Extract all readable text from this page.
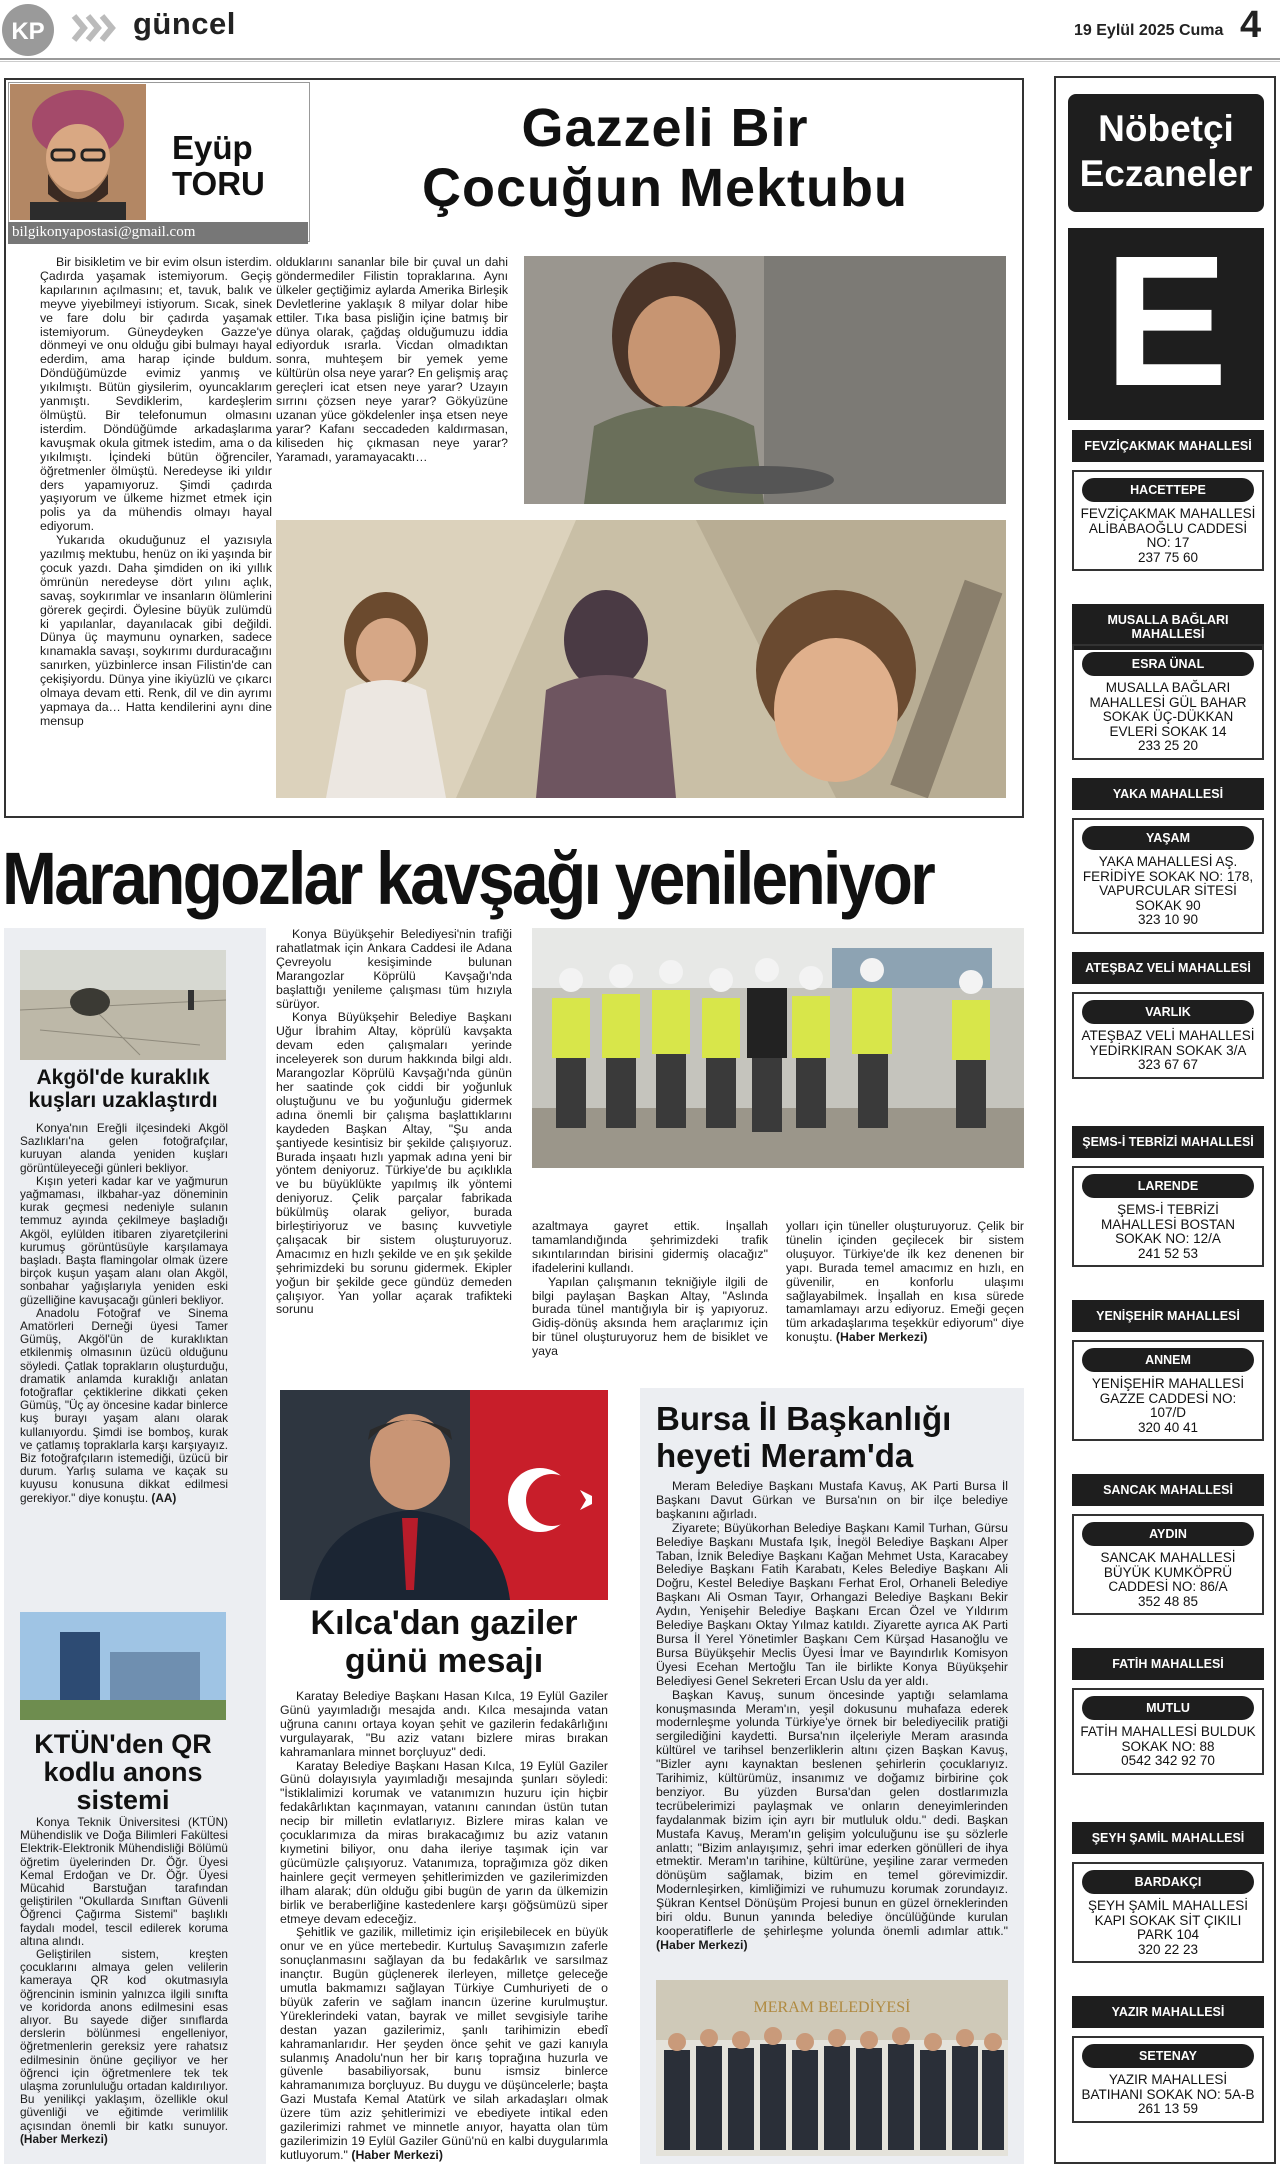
KP	güncel	19 Eylül 2025 Cuma 4
Eyüp
TORU
bilgikonyapostasi@gmail.com
Gazzeli Bir
Çocuğun Mektubu

Bir bisikletim ve bir evim olsun isterdim. Çadırda yaşamak istemiyorum. Geçiş kapılarının açılmasını; et, tavuk, balık ve meyve yiyebilmeyi istiyorum. Sıcak, sinek ve fare dolu bir çadırda yaşamak istemiyorum. Güneydeyken Gazze'ye dönmeyi ve onu olduğu gibi bulmayı hayal ederdim, ama harap içinde buldum. Döndüğümüzde evimiz yanmış ve yıkılmıştı. Bütün giysilerim, oyuncaklarım yanmıştı. Sevdiklerim, kardeşlerim ölmüştü. Bir telefonumun olmasını isterdim. Döndüğümde arkadaşlarıma kavuşmak okula gitmek istedim, ama o da yıkılmıştı. İçindeki bütün öğrenciler, öğretmenler ölmüştü. Neredeyse iki yıldır ders yapamıyoruz. Şimdi çadırda yaşıyorum ve ülkeme hizmet etmek için polis ya da mühendis olmayı hayal ediyorum.

Yukarıda okuduğunuz el yazısıyla yazılmış mektubu, henüz on iki yaşında bir çocuk yazdı. Daha şimdiden on iki yıllık ömrünün neredeyse dört yılını açlık, savaş, soykırımlar ve insanların ölümlerini görerek geçirdi. Öylesine büyük zulümdü ki yapılanlar, dayanılacak gibi değildi. Dünya üç maymunu oynarken, sadece kınamakla savaşı, soykırımı durduracağını sanırken, yüzbinlerce insan Filistin'de can çekişiyordu. Dünya yine ikiyüzlü ve çıkarcı olmaya devam etti. Renk, dil ve din ayrımı yapmaya da… Hatta kendilerini aynı dine mensup

olduklarını sananlar bile bir çuval un dahi göndermediler Filistin topraklarına. Aynı ülkeler geçtiğimiz aylarda Amerika Birleşik Devletlerine yaklaşık 8 milyar dolar hibe ettiler. Tıka basa pisliğin içine batmış bir dünya olarak, çağdaş olduğumuzu iddia ediyorduk ısrarla. Vicdan olmadıktan sonra, muhteşem bir yemek yeme kültürün olsa neye yarar? En gelişmiş araç gereçleri icat etsen neye yarar? Uzayın sırrını çözsen neye yarar? Gökyüzüne uzanan yüce gökdelenler inşa etsen neye yarar? Kafanı seccadeden kaldırmasan, kiliseden hiç çıkmasan neye yarar? Yaramadı, yaramayacaktı…

Marangozlar kavşağı yenileniyor
Akgöl'de kuraklık kuşları uzaklaştırdı

Konya'nın Ereğli ilçesindeki Akgöl Sazlıkları'na gelen fotoğrafçılar, kuruyan alanda yeniden kuşları görüntüleyeceği günleri bekliyor.

Kışın yeteri kadar kar ve yağmurun yağmaması, ilkbahar-yaz döneminin kurak geçmesi nedeniyle sulanın temmuz ayında çekilmeye başladığı Akgöl, eylülden itibaren ziyaretçilerini kurumuş görüntüsüyle karşılamaya başladı. Başta flamingolar olmak üzere birçok kuşun yaşam alanı olan Akgöl, sonbahar yağışlarıyla yeniden eski güzelliğine kavuşacağı günleri bekliyor.

Anadolu Fotoğraf ve Sinema Amatörleri Derneği üyesi Tamer Gümüş, Akgöl'ün de kuraklıktan etkilenmiş olmasının üzücü olduğunu söyledi. Çatlak toprakların oluşturduğu, dramatik anlamda kuraklığı anlatan fotoğraflar çektiklerine dikkati çeken Gümüş, "Üç ay öncesine kadar binlerce kuş burayı yaşam alanı olarak kullanıyordu. Şimdi ise bomboş, kurak ve çatlamış topraklarla karşı karşıyayız. Biz fotoğrafçıların istemediği, üzücü bir durum. Yarlış sulama ve kaçak su kuyusu konusuna dikkat edilmesi gerekiyor." diye konuştu. (AA)

KTÜN'den QR kodlu anons sistemi

Konya Teknik Üniversitesi (KTÜN) Mühendislik ve Doğa Bilimleri Fakültesi Elektrik-Elektronik Mühendisliği Bölümü öğretim üyelerinden Dr. Öğr. Üyesi Kemal Erdoğan ve Dr. Öğr. Üyesi Mücahid Barstuğan tarafından geliştirilen "Okullarda Sınıftan Güvenli Öğrenci Çağırma Sistemi" başlıklı faydalı model, tescil edilerek koruma altına alındı.

Geliştirilen sistem, kreşten çocuklarını almaya gelen velilerin kameraya QR kod okutmasıyla öğrencinin isminin yalnızca ilgili sınıfta ve koridorda anons edilmesini esas alıyor. Bu sayede diğer sınıflarda derslerin bölünmesi engelleniyor, öğretmenlerin gereksiz yere rahatsız edilmesinin önüne geçiliyor ve her öğrenci için öğretmenlere tek tek ulaşma zorunluluğu ortadan kaldırılıyor. Bu yenilikçi yaklaşım, özellikle okul güvenliği ve eğitimde verimlilik açısından önemli bir katkı sunuyor. (Haber Merkezi)

Konya Büyükşehir Belediyesi'nin trafiği rahatlatmak için Ankara Caddesi ile Adana Çevreyolu kesişiminde bulunan Marangozlar Köprülü Kavşağı'nda başlattığı yenileme çalışması tüm hızıyla sürüyor.

Konya Büyükşehir Belediye Başkanı Uğur İbrahim Altay, köprülü kavşakta devam eden çalışmaları yerinde inceleyerek son durum hakkında bilgi aldı. Marangozlar Köprülü Kavşağı'nda günün her saatinde çok ciddi bir yoğunluk oluştuğunu ve bu yoğunluğu gidermek adına önemli bir çalışma başlattıklarını kaydeden Başkan Altay, "Şu anda şantiyede kesintisiz bir şekilde çalışıyoruz. Burada inşaatı hızlı yapmak adına yeni bir yöntem deniyoruz. Türkiye'de bu açıklıkla ve bu büyüklükte yapılmış ilk yöntemi deniyoruz. Çelik parçalar fabrikada bükülmüş olarak geliyor, burada birleştiriyoruz ve basınç kuvvetiyle çalışacak bir sistem oluşturuyoruz. Amacımız en hızlı şekilde ve en şık şekilde şehrimizdeki bu sorunu gidermek. Ekipler yoğun bir şekilde gece gündüz demeden çalışıyor. Yan yollar açarak trafikteki sorunu

azaltmaya gayret ettik. İnşallah tamamlandığında şehrimizdeki trafik sıkıntılarından birisini gidermiş olacağız" ifadelerini kullandı.

Yapılan çalışmanın tekniğiyle ilgili de bilgi paylaşan Başkan Altay, "Aslında burada tünel mantığıyla bir iş yapıyoruz. Gidiş-dönüş aksında hem araçlarımız için bir tünel oluşturuyoruz hem de bisiklet ve yaya

yolları için tüneller oluşturuyoruz. Çelik bir tünelin içinden geçilecek bir sistem oluşuyor. Türkiye'de ilk kez denenen bir yapı. Burada temel amacımız en hızlı, en güvenilir, en konforlu ulaşımı sağlayabilmek. İnşallah en kısa sürede tamamlamayı arzu ediyoruz. Emeği geçen tüm arkadaşlarıma teşekkür ediyorum" diye konuştu. (Haber Merkezi)

Kılca'dan gaziler günü mesajı

Karatay Belediye Başkanı Hasan Kılca, 19 Eylül Gaziler Günü yayımladığı mesajda andı. Kılca mesajında vatan uğruna canını ortaya koyan şehit ve gazilerin fedakârlığını vurgulayarak, "Bu aziz vatanı bizlere miras bırakan kahramanlara minnet borçluyuz" dedi.

Karatay Belediye Başkanı Hasan Kılca, 19 Eylül Gaziler Günü dolayısıyla yayımladığı mesajında şunları söyledi: "İstiklalimizi korumak ve vatanımızın huzuru için hiçbir fedakârlıktan kaçınmayan, vatanını canından üstün tutan necip bir milletin evlatlarıyız. Bizlere miras kalan ve çocuklarımıza da miras bırakacağımız bu aziz vatanın kıymetini biliyor, onu daha ileriye taşımak için var gücümüzle çalışıyoruz. Vatanımıza, toprağımıza göz diken hainlere geçit vermeyen şehitlerimizden ve gazilerimizden ilham alarak; dün olduğu gibi bugün de yarın da ülkemizin birlik ve beraberliğine kastedenlere karşı göğsümüzü siper etmeye devam edeceğiz.

Şehitlik ve gazilik, milletimiz için erişilebilecek en büyük onur ve en yüce mertebedir. Kurtuluş Savaşımızın zaferle sonuçlanmasını sağlayan da bu fedakârlık ve sarsılmaz inançtır. Bugün güçlenerek ilerleyen, milletçe geleceğe umutla bakmamızı sağlayan Türkiye Cumhuriyeti de o büyük zaferin ve sağlam inancın üzerine kurulmuştur. Yüreklerindeki vatan, bayrak ve millet sevgisiyle tarihe destan yazan gazilerimiz, şanlı tarihimizin ebedî kahramanlarıdır. Her şeyden önce şehit ve gazi kanıyla sulanmış Anadolu'nun her bir karış toprağına huzurla ve güvenle basabiliyorsak, bunu ismsiz binlerce kahramanımıza borçluyuz. Bu duygu ve düşüncelerle; başta Gazi Mustafa Kemal Atatürk ve silah arkadaşları olmak üzere tüm aziz şehitlerimizi ve ebediyete intikal eden gazilerimizi rahmet ve minnetle anıyor, hayatta olan tüm gazilerimizin 19 Eylül Gaziler Günü'nü en kalbi duygularımla kutluyorum." (Haber Merkezi)

Bursa İl Başkanlığı heyeti Meram'da

Meram Belediye Başkanı Mustafa Kavuş, AK Parti Bursa İl Başkanı Davut Gürkan ve Bursa'nın on bir ilçe belediye başkanını ağırladı.

Ziyarete; Büyükorhan Belediye Başkanı Kamil Turhan, Gürsu Belediye Başkanı Mustafa Işık, İnegöl Belediye Başkanı Alper Taban, İznik Belediye Başkanı Kağan Mehmet Usta, Karacabey Belediye Başkanı Fatih Karabatı, Keles Belediye Başkanı Ali Doğru, Kestel Belediye Başkanı Ferhat Erol, Orhaneli Belediye Başkanı Ali Osman Tayır, Orhangazi Belediye Başkanı Bekir Aydın, Yenişehir Belediye Başkanı Ercan Özel ve Yıldırım Belediye Başkanı Oktay Yılmaz katıldı. Ziyarette ayrıca AK Parti Bursa İl Yerel Yönetimler Başkanı Cem Kürşad Hasanoğlu ve Bursa Büyükşehir Meclis Üyesi İmar ve Bayındırlık Komisyon Üyesi Ecehan Mertoğlu Tan ile birlikte Konya Büyükşehir Belediyesi Genel Sekreteri Ercan Uslu da yer aldı.

Başkan Kavuş, sunum öncesinde yaptığı selamlama konuşmasında Meram'ın, yeşil dokusunu muhafaza ederek modernleşme yolunda Türkiye'ye örnek bir belediyecilik pratiği sergilediğini kaydetti. Bursa'nın ilçeleriyle Meram arasında kültürel ve tarihsel benzerliklerin altını çizen Başkan Kavuş, "Bizler aynı kaynaktan beslenen şehirlerin çocuklarıyız. Tarihimiz, kültürümüz, insanımız ve doğamız birbirine çok benziyor. Bu yüzden Bursa'dan gelen dostlarımızla tecrübelerimizi paylaşmak ve onların deneyimlerinden faydalanmak bizim için ayrı bir mutluluk oldu." dedi. Başkan Mustafa Kavuş, Meram'ın gelişim yolculuğunu ise şu sözlerle anlattı; "Bizim anlayışımız, şehri imar ederken gönülleri de ihya etmektir. Meram'ın tarihine, kültürüne, yeşiline zarar vermeden dönüşüm sağlamak, bizim en temel görevimizdir. Modernleşirken, kimliğimizi ve ruhumuzu korumak zorundayız. Şükran Kentsel Dönüşüm Projesi bunun en güzel örneklerinden biri oldu. Bunun yanında belediye öncülüğünde kurulan kooperatiflerle de şehirleşme yolunda önemli adımlar attık." (Haber Merkezi)

MERAM BELEDİYESİ
Nöbetçi
Eczaneler
E
FEVZİÇAKMAK MAHALLESİ
HACETTEPE
FEVZİÇAKMAK MAHALLESİ ALİBABAOĞLU CADDESİ NO: 17
237 75 60
MUSALLA BAĞLARI MAHALLESİ
ESRA ÜNAL
MUSALLA BAĞLARI MAHALLESİ GÜL BAHAR SOKAK ÜÇ-DÜKKAN EVLERİ SOKAK 14
233 25 20
YAKA MAHALLESİ
YAŞAM
YAKA MAHALLESİ AŞ. FERİDİYE SOKAK NO: 178, VAPURCULAR SİTESİ SOKAK 90
323 10 90
ATEŞBAZ VELİ MAHALLESİ
VARLIK
ATEŞBAZ VELİ MAHALLESİ YEDİRKIRAN SOKAK 3/A
323 67 67
ŞEMS-İ TEBRİZİ MAHALLESİ
LARENDE
ŞEMS-İ TEBRİZİ MAHALLESİ BOSTAN SOKAK NO: 12/A
241 52 53
YENİŞEHİR MAHALLESİ
ANNEM
YENİŞEHİR MAHALLESİ GAZZE CADDESİ NO: 107/D
320 40 41
SANCAK MAHALLESİ
AYDIN
SANCAK MAHALLESİ BÜYÜK KUMKÖPRÜ CADDESİ NO: 86/A
352 48 85
FATİH MAHALLESİ
MUTLU
FATİH MAHALLESİ BULDUK SOKAK NO: 88
0542 342 92 70
ŞEYH ŞAMİL MAHALLESİ
BARDAKÇI
ŞEYH ŞAMİL MAHALLESİ KAPI SOKAK SİT ÇIKILI PARK 104
320 22 23
YAZIR MAHALLESİ
SETENAY
YAZIR MAHALLESİ BATIHANI SOKAK NO: 5A-B
261 13 59
